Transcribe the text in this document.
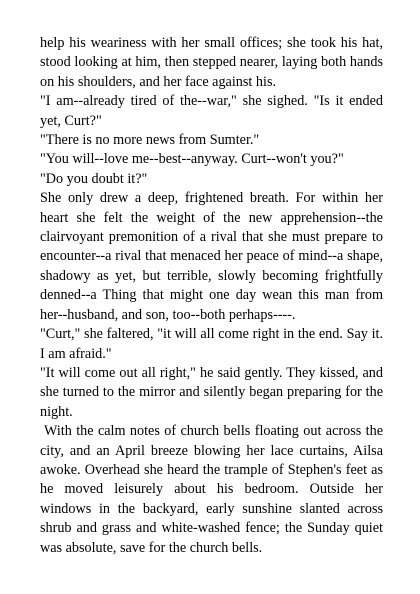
help his weariness with her small offices; she took his hat, stood looking at him, then stepped nearer, laying both hands on his shoulders, and her face against his.

"I am--already tired of the--war," she sighed. "Is it ended yet, Curt?"

"There is no more news from Sumter."

"You will--love me--best--anyway. Curt--won't you?"

"Do you doubt it?"

She only drew a deep, frightened breath. For within her heart she felt the weight of the new apprehension--the clairvoyant premonition of a rival that she must prepare to encounter--a rival that menaced her peace of mind--a shape, shadowy as yet, but terrible, slowly becoming frightfully denned--a Thing that might one day wean this man from her--husband, and son, too--both perhaps----.

"Curt," she faltered, "it will all come right in the end. Say it. I am afraid."

"It will come out all right," he said gently. They kissed, and she turned to the mirror and silently began preparing for the night.

With the calm notes of church bells floating out across the city, and an April breeze blowing her lace curtains, Ailsa awoke. Overhead she heard the trample of Stephen's feet as he moved leisurely about his bedroom. Outside her windows in the backyard, early sunshine slanted across shrub and grass and white-washed fence; the Sunday quiet was absolute, save for the church bells.
